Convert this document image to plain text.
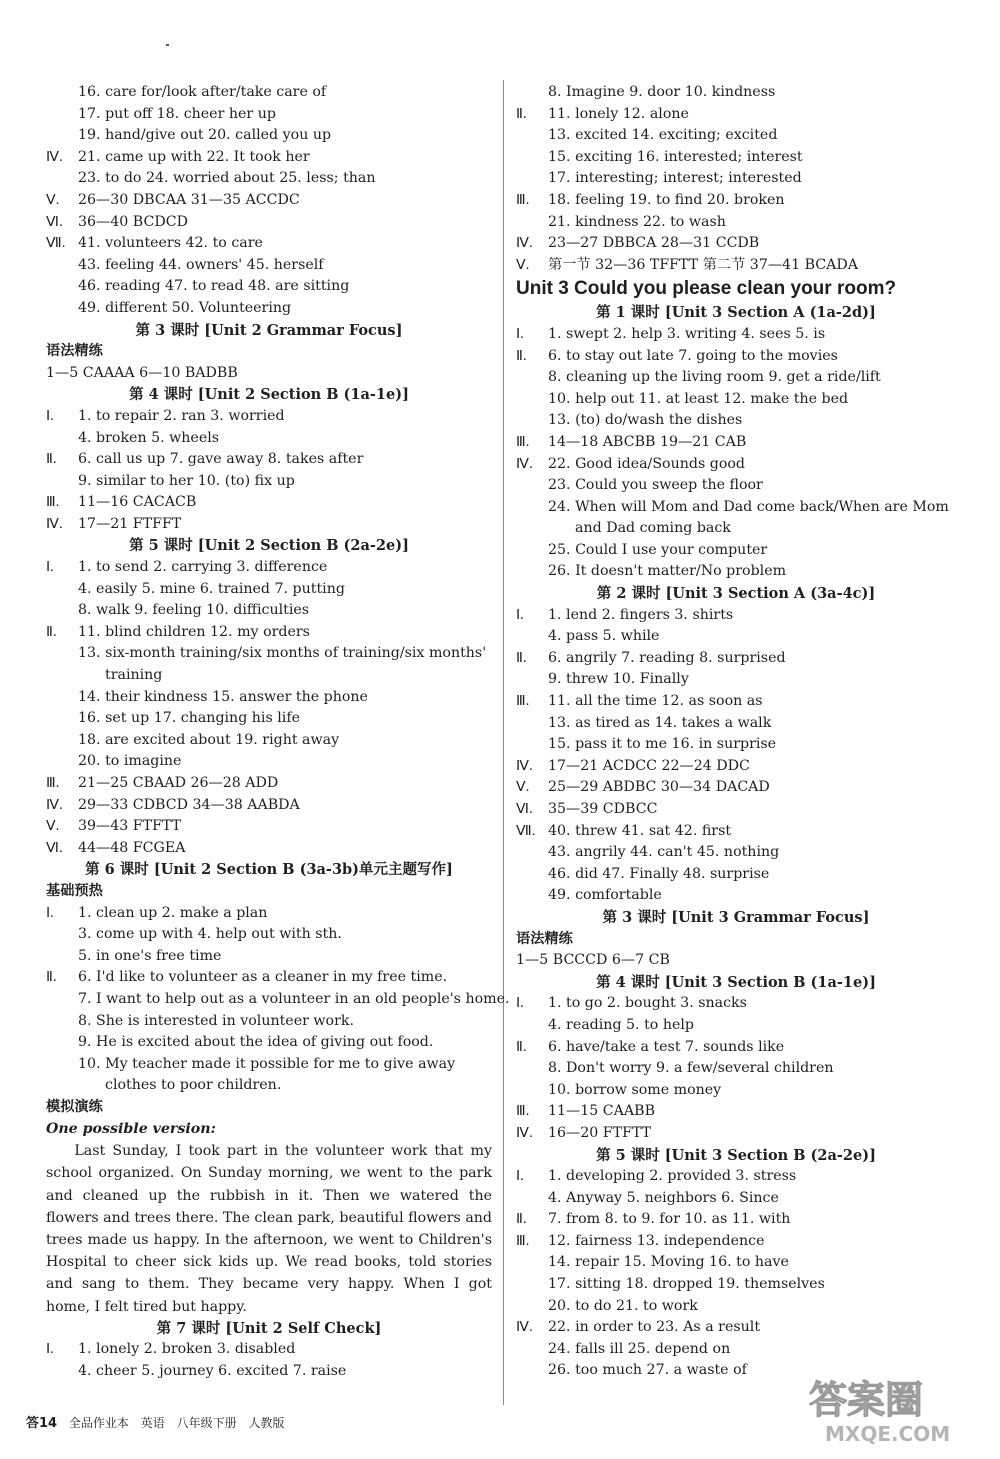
16. care for/look after/take care of
17. put off 18. cheer her up
19. hand/give out 20. called you up
Ⅳ. 21. came up with 22. It took her
23. to do 24. worried about 25. less; than
Ⅴ. 26—30 DBCAA 31—35 ACCDC
Ⅵ. 36—40 BCDCD
Ⅶ. 41. volunteers 42. to care
43. feeling 44. owners' 45. herself
46. reading 47. to read 48. are sitting
49. different 50. Volunteering
第 3 课时 [Unit 2 Grammar Focus]
语法精练
1—5 CAAAA 6—10 BADBB
第 4 课时 [Unit 2 Section B (1a-1e)]
Ⅰ. 1. to repair 2. ran 3. worried
4. broken 5. wheels
Ⅱ. 6. call us up 7. gave away 8. takes after
9. similar to her 10. (to) fix up
Ⅲ. 11—16 CACACB
Ⅳ. 17—21 FTFFT
第 5 课时 [Unit 2 Section B (2a-2e)]
Ⅰ. 1. to send 2. carrying 3. difference
4. easily 5. mine 6. trained 7. putting
8. walk 9. feeling 10. difficulties
Ⅱ. 11. blind children 12. my orders
13. six-month training/six months of training/six months'
training
14. their kindness 15. answer the phone
16. set up 17. changing his life
18. are excited about 19. right away
20. to imagine
Ⅲ. 21—25 CBAAD 26—28 ADD
Ⅳ. 29—33 CDBCD 34—38 AABDA
Ⅴ. 39—43 FTFTT
Ⅵ. 44—48 FCGEA
第 6 课时 [Unit 2 Section B (3a-3b)单元主题写作]
基础预热
Ⅰ. 1. clean up 2. make a plan
3. come up with 4. help out with sth.
5. in one's free time
Ⅱ. 6. I'd like to volunteer as a cleaner in my free time.
7. I want to help out as a volunteer in an old people's home.
8. She is interested in volunteer work.
9. He is excited about the idea of giving out food.
10. My teacher made it possible for me to give away
clothes to poor children.
模拟演练
One possible version:

Last Sunday, I took part in the volunteer work that my school organized. On Sunday morning, we went to the park and cleaned up the rubbish in it. Then we watered the flowers and trees there. The clean park, beautiful flowers and trees made us happy. In the afternoon, we went to Children's Hospital to cheer sick kids up. We read books, told stories and sang to them. They became very happy. When I got home, I felt tired but happy.

第 7 课时 [Unit 2 Self Check]
Ⅰ. 1. lonely 2. broken 3. disabled
4. cheer 5. journey 6. excited 7. raise
8. Imagine 9. door 10. kindness
Ⅱ. 11. lonely 12. alone
13. excited 14. exciting; excited
15. exciting 16. interested; interest
17. interesting; interest; interested
Ⅲ. 18. feeling 19. to find 20. broken
21. kindness 22. to wash
Ⅳ. 23—27 DBBCA 28—31 CCDB
Ⅴ. 第一节 32—36 TFFTT 第二节 37—41 BCADA
Unit 3 Could you please clean your room?
第 1 课时 [Unit 3 Section A (1a-2d)]
Ⅰ. 1. swept 2. help 3. writing 4. sees 5. is
Ⅱ. 6. to stay out late 7. going to the movies
8. cleaning up the living room 9. get a ride/lift
10. help out 11. at least 12. make the bed
13. (to) do/wash the dishes
Ⅲ. 14—18 ABCBB 19—21 CAB
Ⅳ. 22. Good idea/Sounds good
23. Could you sweep the floor
24. When will Mom and Dad come back/When are Mom
and Dad coming back
25. Could I use your computer
26. It doesn't matter/No problem
第 2 课时 [Unit 3 Section A (3a-4c)]
Ⅰ. 1. lend 2. fingers 3. shirts
4. pass 5. while
Ⅱ. 6. angrily 7. reading 8. surprised
9. threw 10. Finally
Ⅲ. 11. all the time 12. as soon as
13. as tired as 14. takes a walk
15. pass it to me 16. in surprise
Ⅳ. 17—21 ACDCC 22—24 DDC
Ⅴ. 25—29 ABDBC 30—34 DACAD
Ⅵ. 35—39 CDBCC
Ⅶ. 40. threw 41. sat 42. first
43. angrily 44. can't 45. nothing
46. did 47. Finally 48. surprise
49. comfortable
第 3 课时 [Unit 3 Grammar Focus]
语法精练
1—5 BCCCD 6—7 CB
第 4 课时 [Unit 3 Section B (1a-1e)]
Ⅰ. 1. to go 2. bought 3. snacks
4. reading 5. to help
Ⅱ. 6. have/take a test 7. sounds like
8. Don't worry 9. a few/several children
10. borrow some money
Ⅲ. 11—15 CAABB
Ⅳ. 16—20 FTFTT
第 5 课时 [Unit 3 Section B (2a-2e)]
Ⅰ. 1. developing 2. provided 3. stress
4. Anyway 5. neighbors 6. Since
Ⅱ. 7. from 8. to 9. for 10. as 11. with
Ⅲ. 12. fairness 13. independence
14. repair 15. Moving 16. to have
17. sitting 18. dropped 19. themselves
20. to do 21. to work
Ⅳ. 22. in order to 23. As a result
24. falls ill 25. depend on
26. too much 27. a waste of
答14 全品作业本 英语 八年级下册 人教版
答案圈
MXQE.COM
